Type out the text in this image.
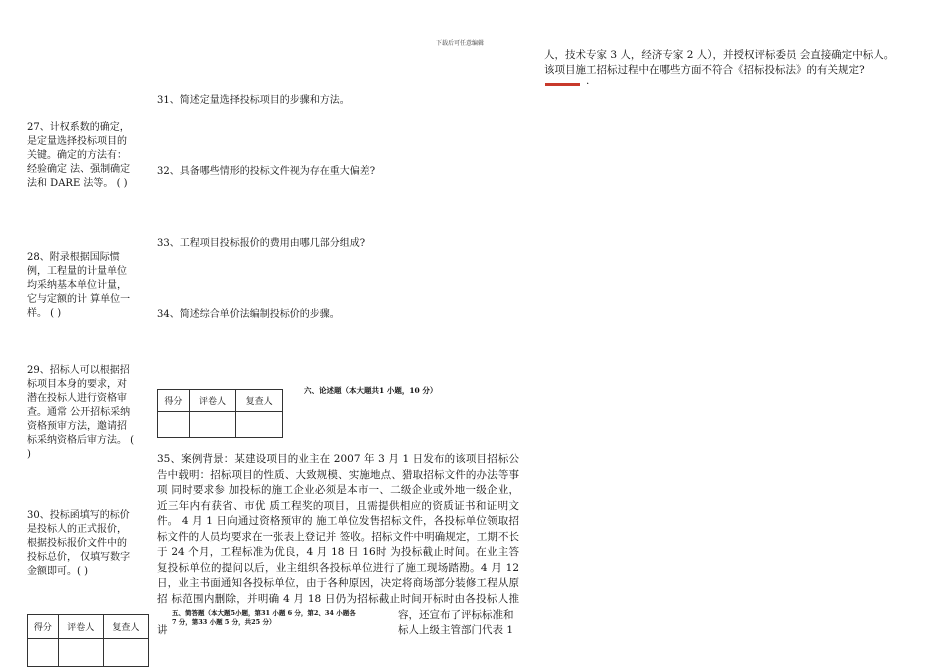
下载后可任意编辑
人，技术专家 3 人，经济专家 2 人），并授权评标委员 会直接确定中标人。
该项目施工招标过程中在哪些方面不符合《招标投标法》的有关规定?
.
31、简述定量选择投标项目的步骤和方法。
32、具备哪些情形的投标文件视为存在重大偏差?
33、工程项目投标报价的费用由哪几部分组成?
34、简述综合单价法编制投标价的步骤。
27、计权系数的确定，是定量选择投标项目的关键。确定的方法有：经验确定 法、强制确定法和 DARE 法等。 ( )
28、附录根据国际惯例，工程量的计量单位均采纳基本单位计量，它与定额的计 算单位一样。 ( )
29、招标人可以根据招标项目本身的要求，对潜在投标人进行资格审查。通常 公开招标采纳资格预审方法，邀请招标采纳资格后审方法。 ( )
30、投标函填写的标价是投标人的正式报价，根据投标报价文件中的投标总价， 仅填写数字金额即可。( )
得分	评卷人	复查人

六、论述题（本大题共1 小题，10 分）
35、案例背景：某建设项目的业主在 2007 年 3 月 1 日发布的该项目招标公告中载明：招标项目的性质、大致规模、实施地点、猎取招标文件的办法等事项 同时要求参 加投标的施工企业必须是本市一、二级企业或外地一级企业，近三年内有获省、市优 质工程奖的项目，且需提供相应的资质证书和证明文件。 4 月 1 日向通过资格预审的 施工单位发售招标文件，各投标单位领取招标文件的人员均要求在一张表上登记并 签收。招标文件中明确规定，工期不长于 24 个月，工程标准为优良，4 月 18 日 16时 为投标截止时间。在业主答复投标单位的提问以后，业主组织各投标单位进行了施工现场踏勘。4 月 12 日，业主书面通知各投标单位，由于各种原因，决定将商场部分装修工程从原招 标范围内删除，并明确 4 月 18 日仍为招标截止时间开标时由各投标人推
讲
容，还宣布了评标标准和
标人上级主管部门代表 1
五、简答题（本大题5小题，第31 小题 6 分，第2、34 小题各
7 分，第33 小题 5 分，共25 分）
得分	评卷人	复查人
